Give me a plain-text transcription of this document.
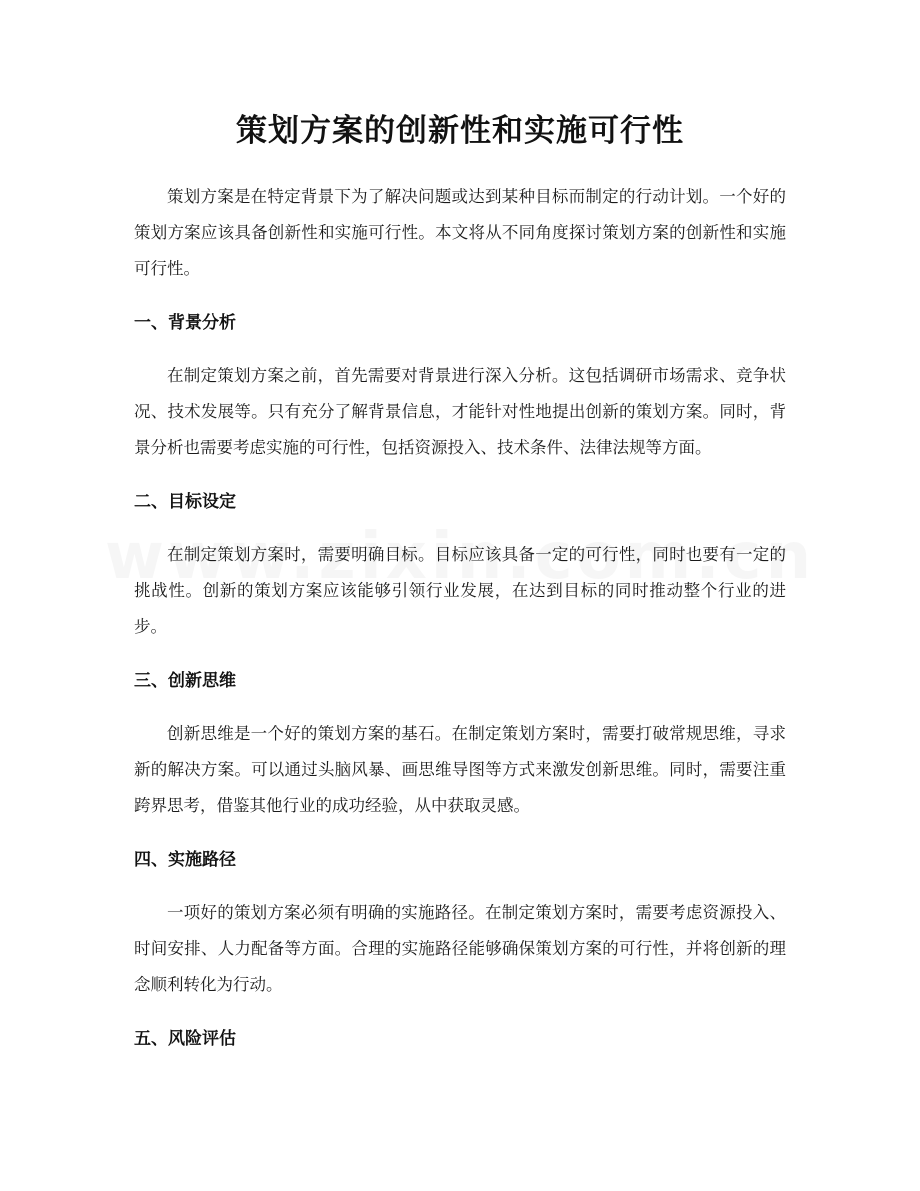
策划方案的创新性和实施可行性

策划方案是在特定背景下为了解决问题或达到某种目标而制定的行动计划。一个好的策划方案应该具备创新性和实施可行性。本文将从不同角度探讨策划方案的创新性和实施可行性。

一、背景分析

在制定策划方案之前，首先需要对背景进行深入分析。这包括调研市场需求、竞争状况、技术发展等。只有充分了解背景信息，才能针对性地提出创新的策划方案。同时，背景分析也需要考虑实施的可行性，包括资源投入、技术条件、法律法规等方面。

二、目标设定

在制定策划方案时，需要明确目标。目标应该具备一定的可行性，同时也要有一定的挑战性。创新的策划方案应该能够引领行业发展，在达到目标的同时推动整个行业的进步。

三、创新思维

创新思维是一个好的策划方案的基石。在制定策划方案时，需要打破常规思维，寻求新的解决方案。可以通过头脑风暴、画思维导图等方式来激发创新思维。同时，需要注重跨界思考，借鉴其他行业的成功经验，从中获取灵感。

四、实施路径

一项好的策划方案必须有明确的实施路径。在制定策划方案时，需要考虑资源投入、时间安排、人力配备等方面。合理的实施路径能够确保策划方案的可行性，并将创新的理念顺利转化为行动。

五、风险评估
